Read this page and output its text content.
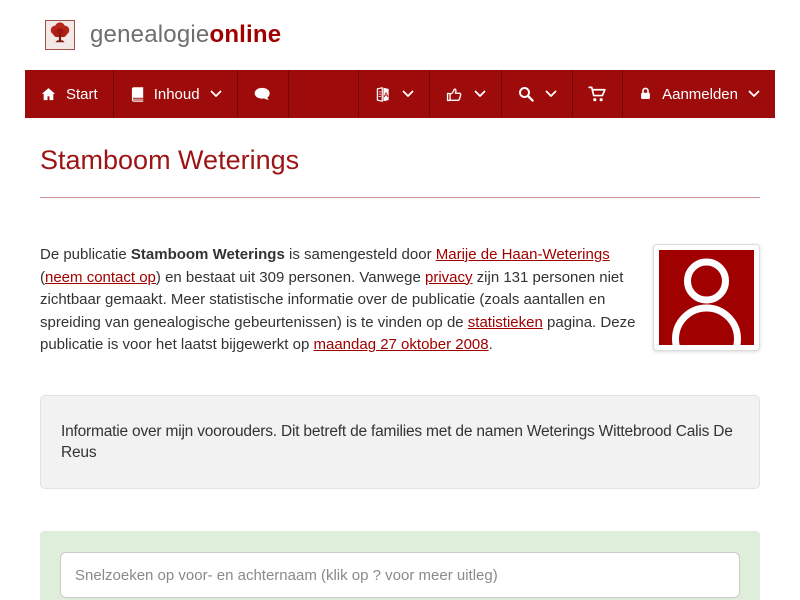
genealogieonline
Start	Inhoud	A	Aanmelden
Stamboom Weterings

De publicatie Stamboom Weterings is samengesteld door Marije de Haan-Weterings (neem contact op) en bestaat uit 309 personen. Vanwege privacy zijn 131 personen niet zichtbaar gemaakt. Meer statistische informatie over de publicatie (zoals aantallen en spreiding van genealogische gebeurtenissen) is te vinden op de statistieken pagina. Deze publicatie is voor het laatst bijgewerkt op maandag 27 oktober 2008.

Informatie over mijn voorouders. Dit betreft de families met de namen Weterings Wittebrood Calis De Reus
Snelzoeken op voor- en achternaam (klik op ? voor meer uitleg)
